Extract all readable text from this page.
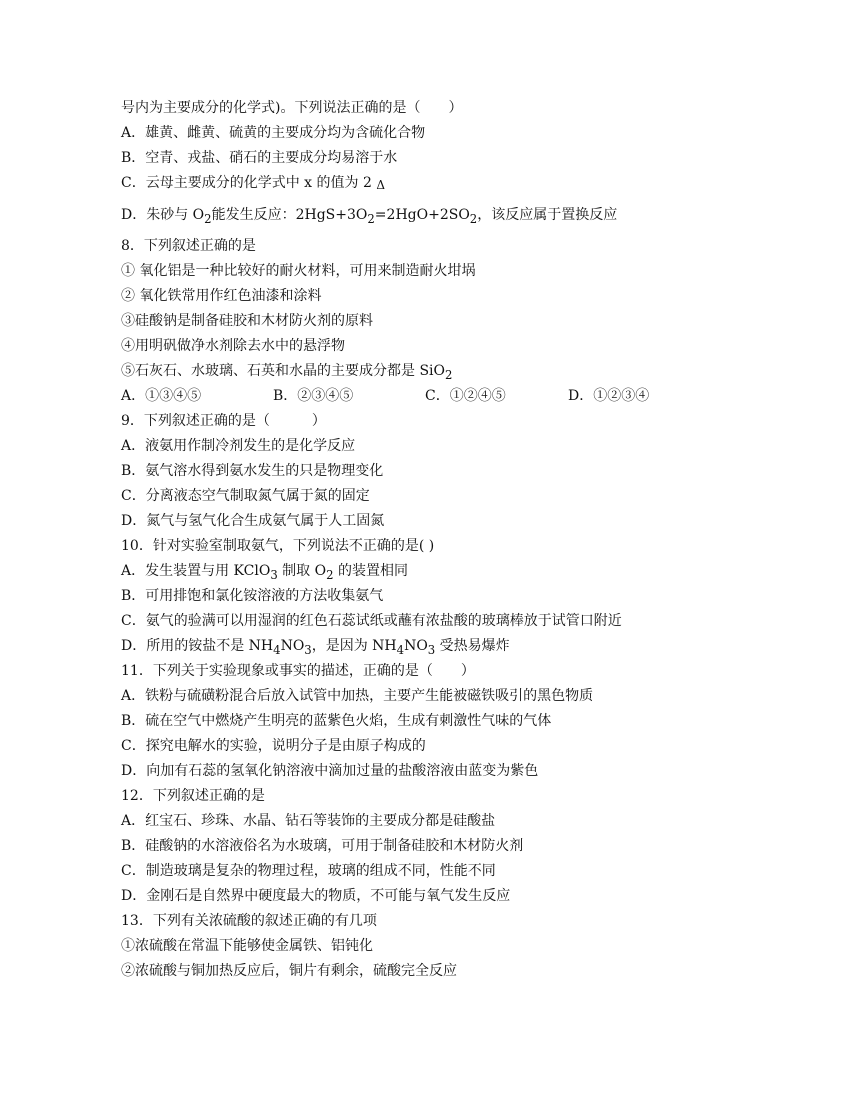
号内为主要成分的化学式)。下列说法正确的是（　　）
A．雄黄、雌黄、硫黄的主要成分均为含硫化合物
B．空青、戎盐、硝石的主要成分均易溶于水
C．云母主要成分的化学式中 x 的值为 2
D．朱砂与 $O_2$能发生反应：$2HgS+3O_2$
Δ
$=2HgO+2SO_2$，该反应属于置换反应
8．下列叙述正确的是
① 氧化铝是一种比较好的耐火材料，可用来制造耐火坩埚
② 氧化铁常用作红色油漆和涂料
③硅酸钠是制备硅胶和木材防火剂的原料
④用明矾做净水剂除去水中的悬浮物
⑤石灰石、水玻璃、石英和水晶的主要成分都是 SiO$_2$
A．①③④⑤	B．②③④⑤	C．①②④⑤	D．①②③④
9．下列叙述正确的是（　　　）
A．液氨用作制冷剂发生的是化学反应
B．氨气溶水得到氨水发生的只是物理变化
C．分离液态空气制取氮气属于氮的固定
D．氮气与氢气化合生成氨气属于人工固氮
10．针对实验室制取氨气，下列说法不正确的是( )
A．发生装置与用 KClO$_3$ 制取 $O_2$ 的装置相同
B．可用排饱和氯化铵溶液的方法收集氨气
C．氨气的验满可以用湿润的红色石蕊试纸或蘸有浓盐酸的玻璃棒放于试管口附近
D．所用的铵盐不是 $NH_4NO_3$，是因为 $NH_4NO_3$ 受热易爆炸
11．下列关于实验现象或事实的描述，正确的是（　　）
A．铁粉与硫磺粉混合后放入试管中加热，主要产生能被磁铁吸引的黑色物质
B．硫在空气中燃烧产生明亮的蓝紫色火焰，生成有刺激性气味的气体
C．探究电解水的实验，说明分子是由原子构成的
D．向加有石蕊的氢氧化钠溶液中滴加过量的盐酸溶液由蓝变为紫色
12．下列叙述正确的是
A．红宝石、珍珠、水晶、钻石等装饰的主要成分都是硅酸盐
B．硅酸钠的水溶液俗名为水玻璃，可用于制备硅胶和木材防火剂
C．制造玻璃是复杂的物理过程，玻璃的组成不同，性能不同
D．金刚石是自然界中硬度最大的物质，不可能与氧气发生反应
13．下列有关浓硫酸的叙述正确的有几项
①浓硫酸在常温下能够使金属铁、铝钝化
②浓硫酸与铜加热反应后，铜片有剩余，硫酸完全反应
